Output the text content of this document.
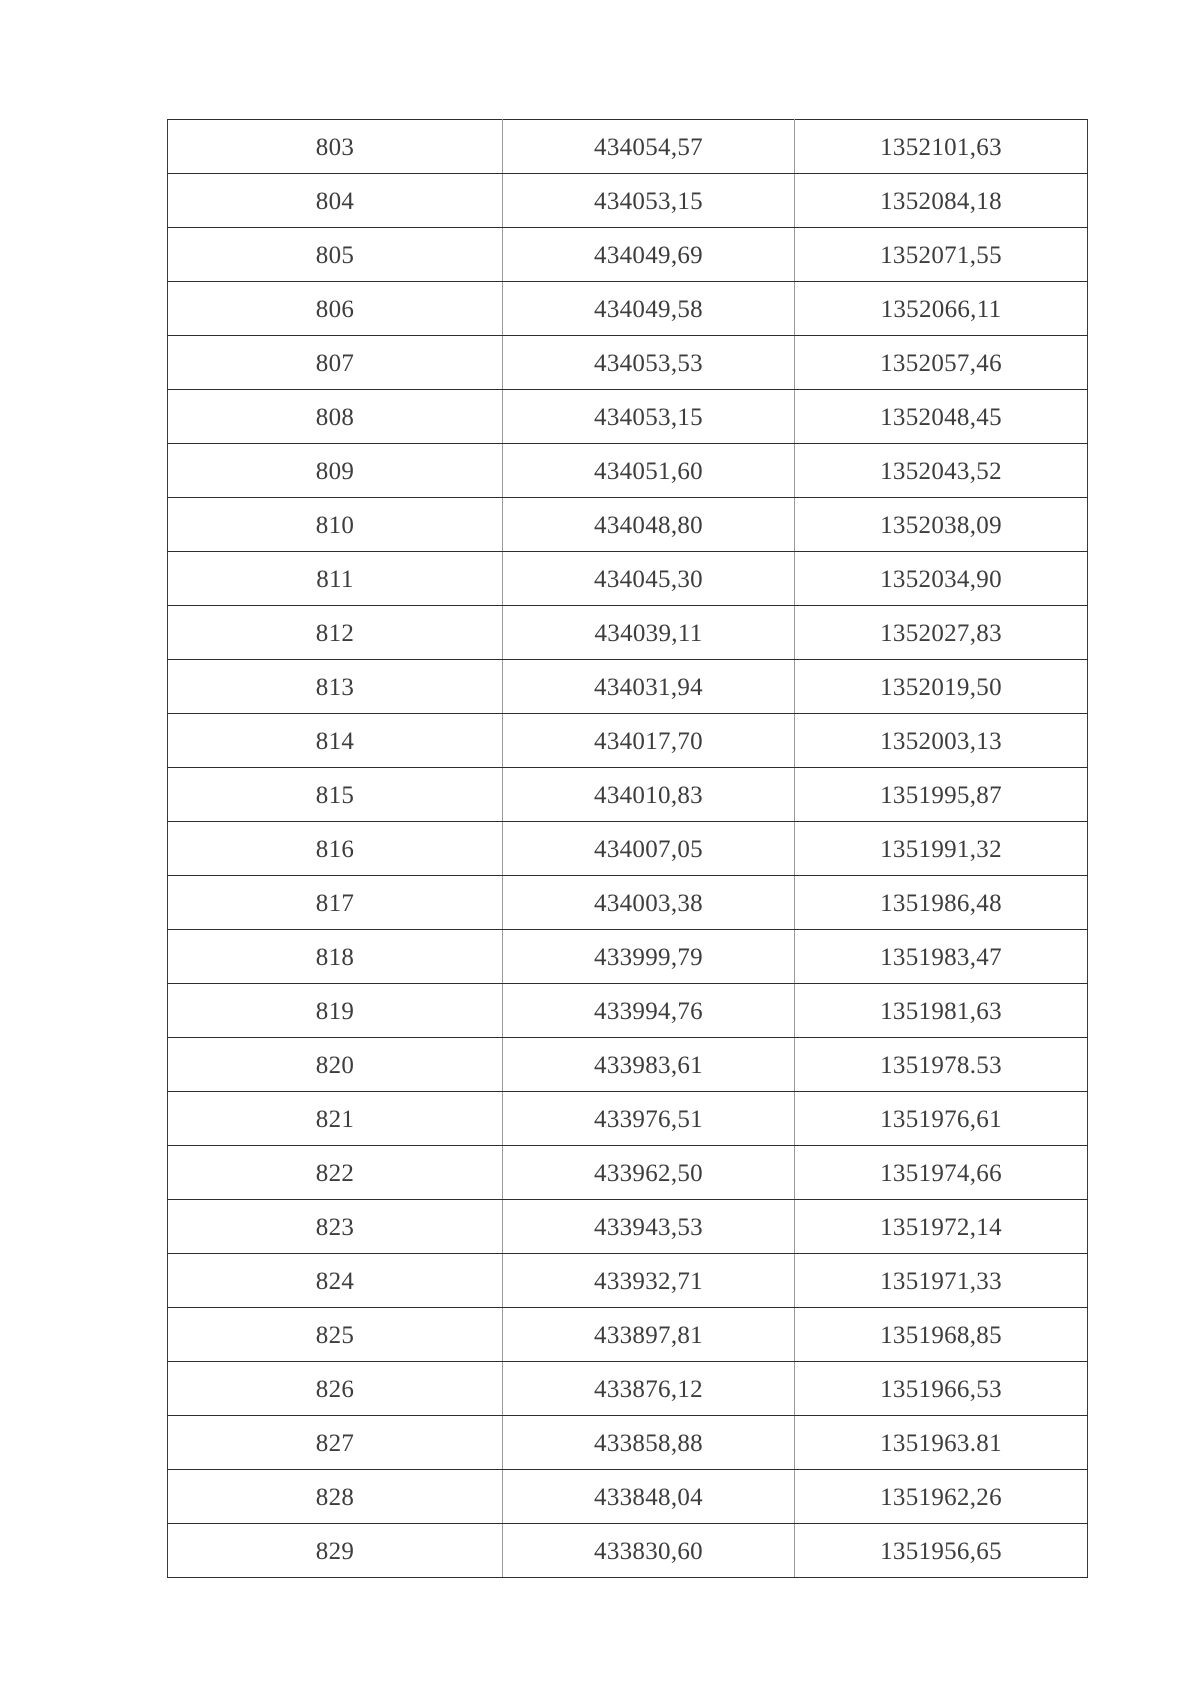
803	434054,57	1352101,63
804	434053,15	1352084,18
805	434049,69	1352071,55
806	434049,58	1352066,11
807	434053,53	1352057,46
808	434053,15	1352048,45
809	434051,60	1352043,52
810	434048,80	1352038,09
811	434045,30	1352034,90
812	434039,11	1352027,83
813	434031,94	1352019,50
814	434017,70	1352003,13
815	434010,83	1351995,87
816	434007,05	1351991,32
817	434003,38	1351986,48
818	433999,79	1351983,47
819	433994,76	1351981,63
820	433983,61	1351978.53
821	433976,51	1351976,61
822	433962,50	1351974,66
823	433943,53	1351972,14
824	433932,71	1351971,33
825	433897,81	1351968,85
826	433876,12	1351966,53
827	433858,88	1351963.81
828	433848,04	1351962,26
829	433830,60	1351956,65
